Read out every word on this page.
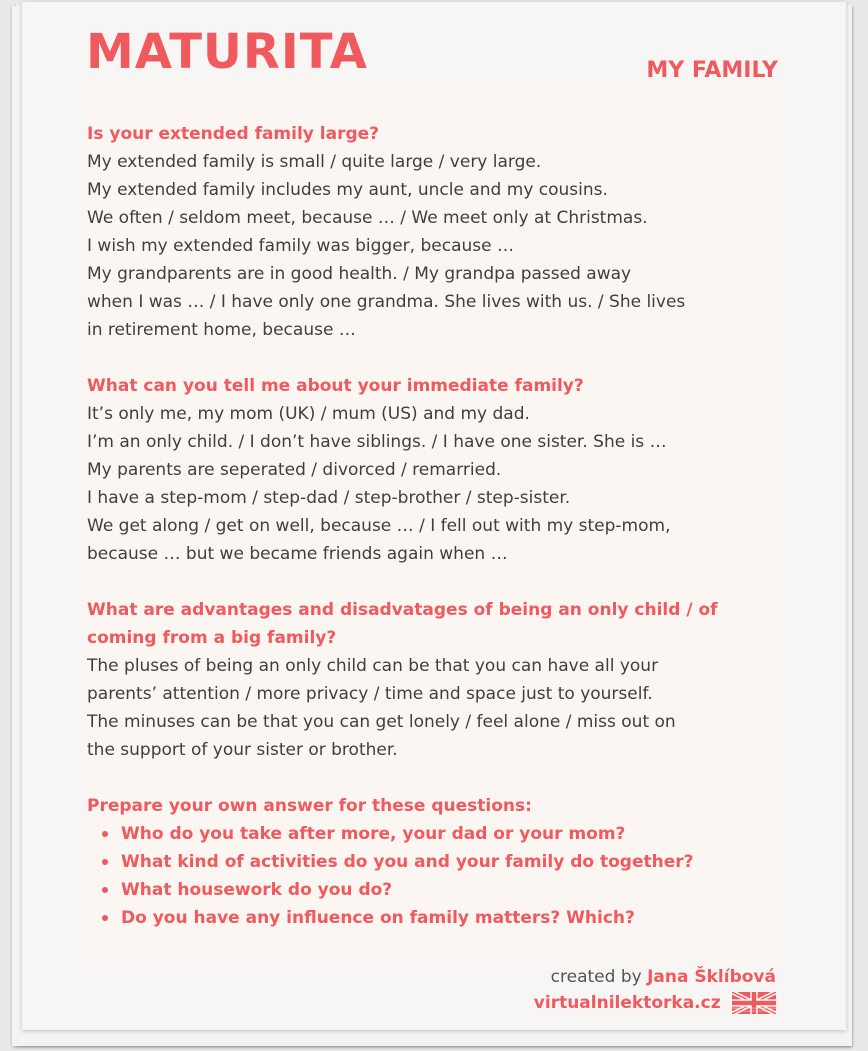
MATURITA	MY FAMILY

Is your extended family large?

My extended family is small / quite large / very large.

My extended family includes my aunt, uncle and my cousins.

We often / seldom meet, because … / We meet only at Christmas.

I wish my extended family was bigger, because …

My grandparents are in good health. / My grandpa passed away

when I was … / I have only one grandma. She lives with us. / She lives

in retirement home, because …

What can you tell me about your immediate family?

It’s only me, my mom (UK) / mum (US) and my dad.

I’m an only child. / I don’t have siblings. / I have one sister. She is …

My parents are seperated / divorced / remarried.

I have a step-mom / step-dad / step-brother / step-sister.

We get along / get on well, because … / I fell out with my step-mom,

because … but we became friends again when …

What are advantages and disadvatages of being an only child / of

coming from a big family?

The pluses of being an only child can be that you can have all your

parents’ attention / more privacy / time and space just to yourself.

The minuses can be that you can get lonely / feel alone / miss out on

the support of your sister or brother.

Prepare your own answer for these questions:

Who do you take after more, your dad or your mom?
What kind of activities do you and your family do together?
What housework do you do?
Do you have any influence on family matters? Which?
created by Jana Šklíbová
virtualnilektorka.cz
